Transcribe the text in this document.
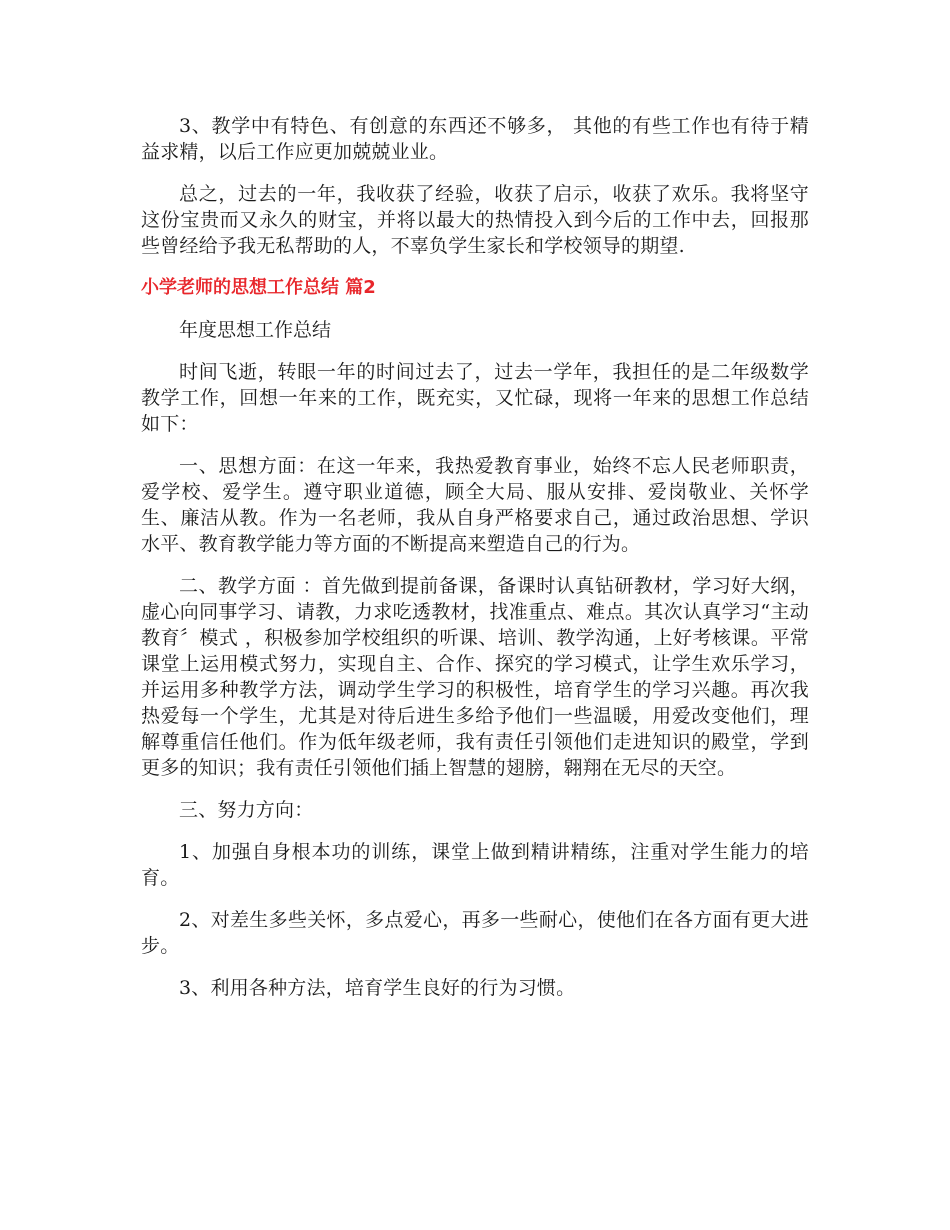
3、教学中有特色、有创意的东西还不够多， 其他的有些工作也有待于精益求精，以后工作应更加兢兢业业。

总之，过去的一年，我收获了经验，收获了启示，收获了欢乐。我将坚守这份宝贵而又永久的财宝，并将以最大的热情投入到今后的工作中去，回报那些曾经给予我无私帮助的人，不辜负学生家长和学校领导的期望.

小学老师的思想工作总结 篇2

年度思想工作总结

时间飞逝，转眼一年的时间过去了，过去一学年，我担任的是二年级数学教学工作，回想一年来的工作，既充实，又忙碌，现将一年来的思想工作总结如下：

一、思想方面：在这一年来，我热爱教育事业，始终不忘人民老师职责，爱学校、爱学生。遵守职业道德，顾全大局、服从安排、爱岗敬业、关怀学生、廉洁从教。作为一名老师，我从自身严格要求自己，通过政治思想、学识水平、教育教学能力等方面的不断提高来塑造自己的行为。

二、教学方面 ：首先做到提前备课，备课时认真钻研教材，学习好大纲，虚心向同事学习、请教，力求吃透教材，找准重点、难点。其次认真学习“主动教育〞模式 ，积极参加学校组织的听课、培训、教学沟通，上好考核课。平常课堂上运用模式努力，实现自主、合作、探究的学习模式，让学生欢乐学习，并运用多种教学方法，调动学生学习的积极性，培育学生的学习兴趣。再次我热爱每一个学生，尤其是对待后进生多给予他们一些温暖，用爱改变他们，理解尊重信任他们。作为低年级老师，我有责任引领他们走进知识的殿堂，学到更多的知识；我有责任引领他们插上智慧的翅膀，翱翔在无尽的天空。

三、努力方向：

1、加强自身根本功的训练，课堂上做到精讲精练，注重对学生能力的培育。

2、对差生多些关怀，多点爱心，再多一些耐心，使他们在各方面有更大进步。

3、利用各种方法，培育学生良好的行为习惯。
